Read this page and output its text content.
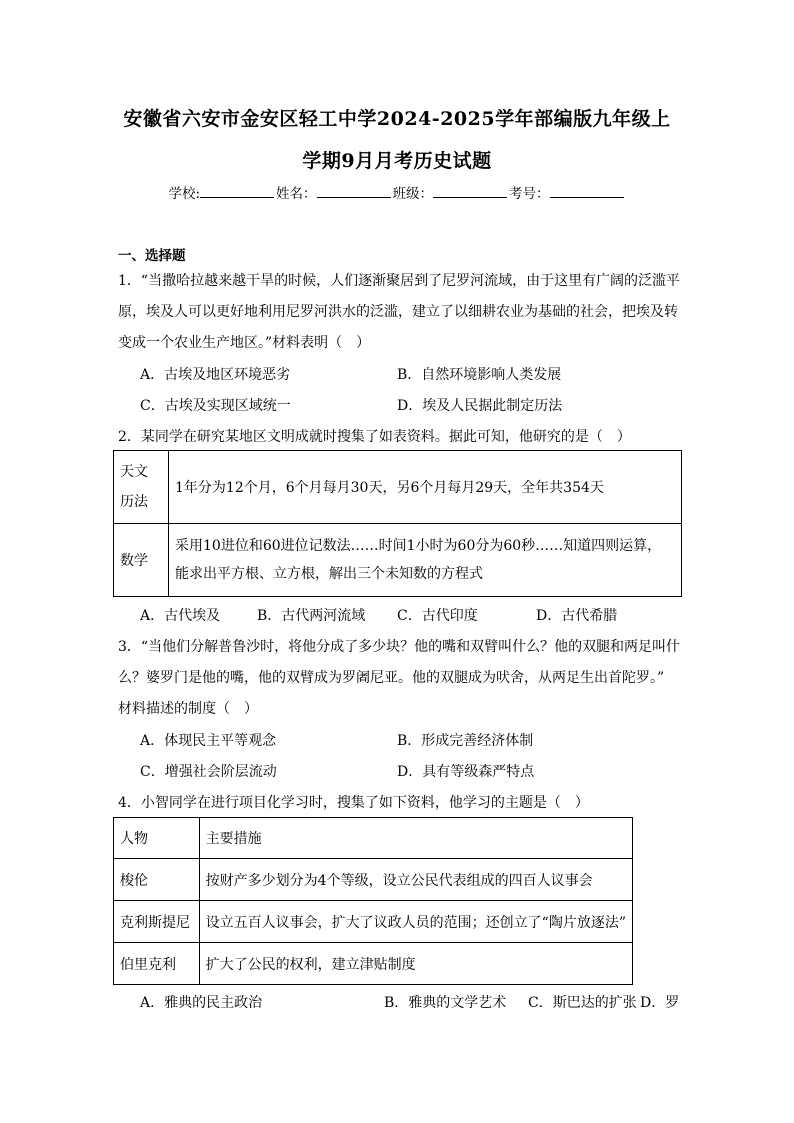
安徽省六安市金安区轻工中学2024-2025学年部编版九年级上
学期9月月考历史试题
学校:	姓名：	班级：	考号：
一、选择题
1．“当撒哈拉越来越干旱的时候，人们逐渐聚居到了尼罗河流域，由于这里有广阔的泛滥平
原，埃及人可以更好地利用尼罗河洪水的泛滥，建立了以细耕农业为基础的社会，把埃及转
变成一个农业生产地区。”材料表明（　）
A．古埃及地区环境恶劣	B．自然环境影响人类发展
C．古埃及实现区域统一	D．埃及人民据此制定历法
2．某同学在研究某地区文明成就时搜集了如表资料。据此可知，他研究的是（　）
天文
历法	1年分为12个月，6个月每月30天，另6个月每月29天，全年共354天
数学	采用10进位和60进位记数法……时间1小时为60分为60秒……知道四则运算，
能求出平方根、立方根，解出三个未知数的方程式
A．古代埃及	B．古代两河流域 C．古代印度	D．古代希腊
3．“当他们分解普鲁沙时，将他分成了多少块？他的嘴和双臂叫什么？他的双腿和两足叫什
么？婆罗门是他的嘴，他的双臂成为罗阇尼亚。他的双腿成为吠舍，从两足生出首陀罗。”
材料描述的制度（　）
A．体现民主平等观念	B．形成完善经济体制
C．增强社会阶层流动	D．具有等级森严特点
4．小智同学在进行项目化学习时，搜集了如下资料，他学习的主题是（　）
人物	主要措施
梭伦	按财产多少划分为4个等级，设立公民代表组成的四百人议事会
克利斯提尼	设立五百人议事会，扩大了议政人员的范围；还创立了“陶片放逐法”
伯里克利	扩大了公民的权利，建立津贴制度
A．雅典的民主政治	B．雅典的文学艺术 C．斯巴达的扩张 D．罗
